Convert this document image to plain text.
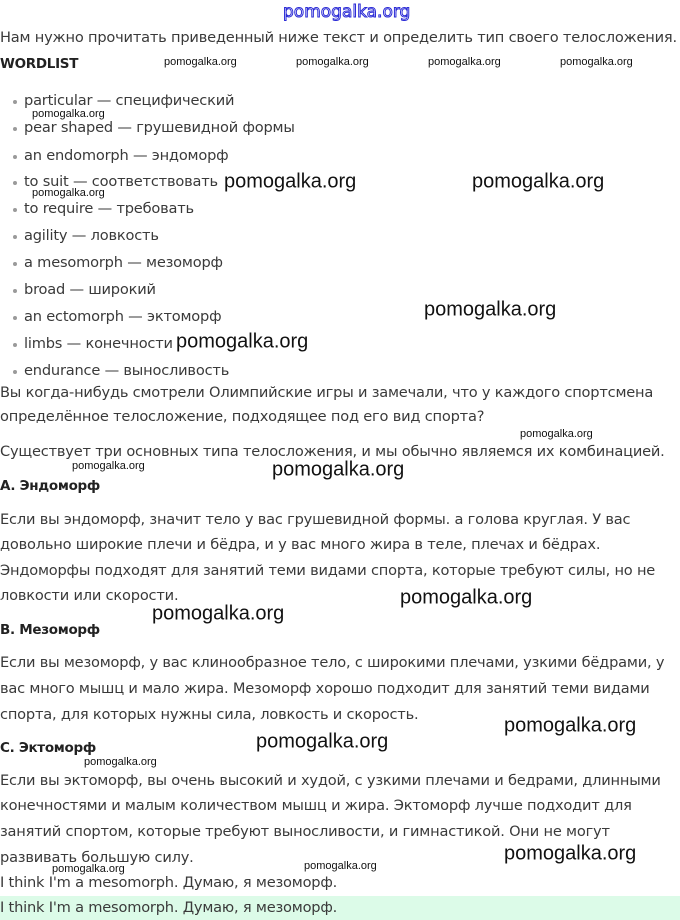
pomogalka.org
Нам нужно прочитать приведенный ниже текст и определить тип своего телосложения.
WORDLIST
particular — специфический
pear shaped — грушевидной формы
an endomorph — эндоморф
to suit — соответствовать
to require — требовать
agility — ловкость
a mesomorph — мезоморф
broad — широкий
an ectomorph — эктоморф
limbs — конечности
endurance — выносливость
Вы когда-нибудь смотрели Олимпийские игры и замечали, что у каждого спортсмена
определённое телосложение, подходящее под его вид спорта?
Существует три основных типа телосложения, и мы обычно являемся их комбинацией.
A. Эндоморф
Если вы эндоморф, значит тело у вас грушевидной формы. а голова круглая. У вас
довольно широкие плечи и бёдра, и у вас много жира в теле, плечах и бёдрах.
Эндоморфы подходят для занятий теми видами спорта, которые требуют силы, но не
ловкости или скорости.
B. Мезоморф
Если вы мезоморф, у вас клинообразное тело, с широкими плечами, узкими бёдрами, у
вас много мышц и мало жира. Мезоморф хорошо подходит для занятий теми видами
спорта, для которых нужны сила, ловкость и скорость.
C. Эктоморф
Если вы эктоморф, вы очень высокий и худой, с узкими плечами и бедрами, длинными
конечностями и малым количеством мышц и жира. Эктоморф лучше подходит для
занятий спортом, которые требуют выносливости, и гимнастикой. Они не могут
развивать большую силу.
I think I'm a mesomorph. Думаю, я мезоморф.
I think I'm a mesomorph. Думаю, я мезоморф.
pomogalka.org	pomogalka.org	pomogalka.org	pomogalka.org
pomogalka.org
pomogalka.org
pomogalka.org
pomogalka.org
pomogalka.org
pomogalka.org	pomogalka.org
pomogalka.org	pomogalka.org
pomogalka.org
pomogalka.org
pomogalka.org
pomogalka.org
pomogalka.org
pomogalka.org
pomogalka.org
pomogalka.org
